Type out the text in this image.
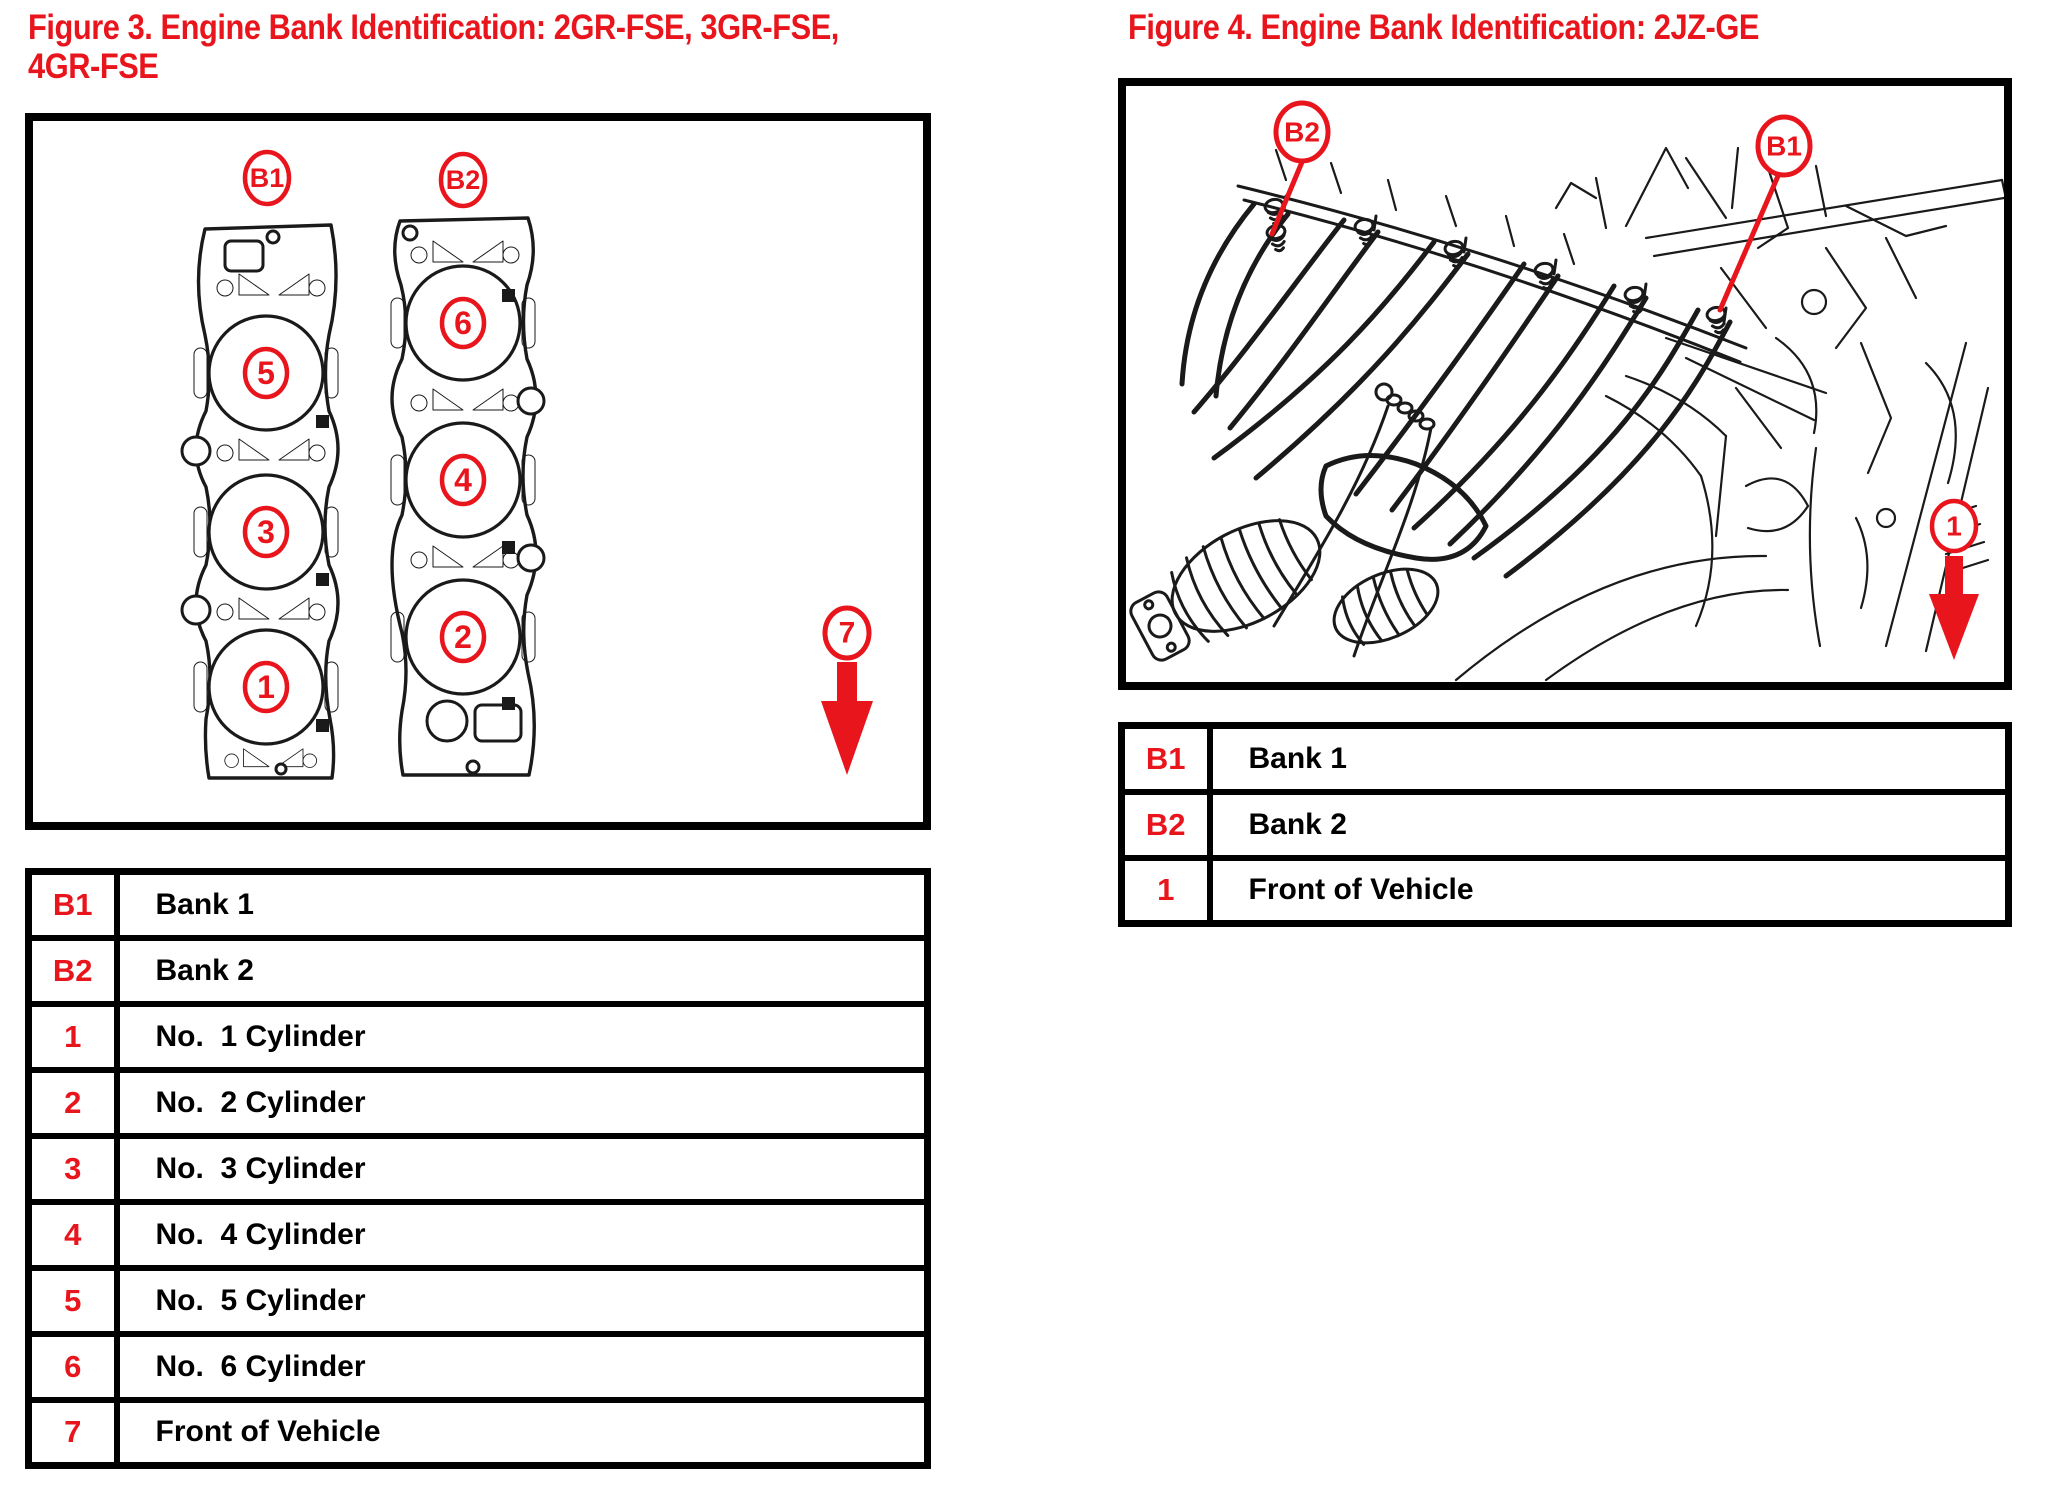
Figure 3. Engine Bank Identification: 2GR-FSE, 3GR-FSE,
4GR-FSE
B1	B2
5
3
1
6
4
2	7
B1	Bank 1
B2	Bank 2
1	No.  1 Cylinder
2	No.  2 Cylinder
3	No.  3 Cylinder
4	No.  4 Cylinder
5	No.  5 Cylinder
6	No.  6 Cylinder
7	Front of Vehicle
Figure 4. Engine Bank Identification: 2JZ-GE
B2	B1
1
B1	Bank 1
B2	Bank 2
1	Front of Vehicle
